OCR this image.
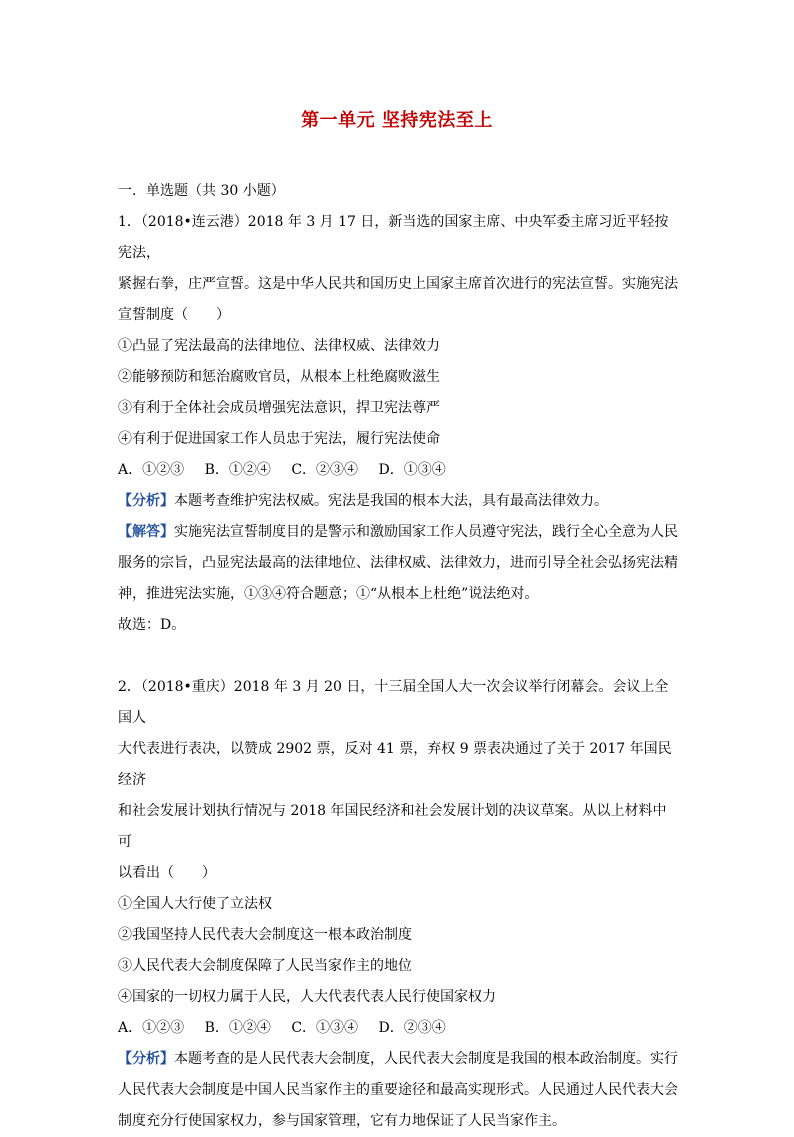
第一单元 坚持宪法至上

一．单选题（共 30 小题）

1．（2018•连云港）2018 年 3 月 17 日，新当选的国家主席、中央军委主席习近平轻按宪法，

紧握右拳，庄严宣誓。这是中华人民共和国历史上国家主席首次进行的宪法宣誓。实施宪法

宣誓制度（　　）

①凸显了宪法最高的法律地位、法律权威、法律效力

②能够预防和惩治腐败官员，从根本上杜绝腐败滋生

③有利于全体社会成员增强宪法意识，捍卫宪法尊严

④有利于促进国家工作人员忠于宪法，履行宪法使命

A．①②③ B．①②④ C．②③④ D．①③④

【分析】本题考查维护宪法权威。宪法是我国的根本大法，具有最高法律效力。

【解答】实施宪法宣誓制度目的是警示和激励国家工作人员遵守宪法，践行全心全意为人民

服务的宗旨，凸显宪法最高的法律地位、法律权威、法律效力，进而引导全社会弘扬宪法精

神，推进宪法实施，①③④符合题意；①“从根本上杜绝”说法绝对。

故选：D。

2．（2018•重庆）2018 年 3 月 20 日，十三届全国人大一次会议举行闭幕会。会议上全国人

大代表进行表决，以赞成 2902 票，反对 41 票，弃权 9 票表决通过了关于 2017 年国民经济

和社会发展计划执行情况与 2018 年国民经济和社会发展计划的决议草案。从以上材料中可

以看出（　　）

①全国人大行使了立法权

②我国坚持人民代表大会制度这一根本政治制度

③人民代表大会制度保障了人民当家作主的地位

④国家的一切权力属于人民，人大代表代表人民行使国家权力

A．①②③ B．①②④ C．①③④ D．②③④

【分析】本题考查的是人民代表大会制度，人民代表大会制度是我国的根本政治制度。实行

人民代表大会制度是中国人民当家作主的重要途径和最高实现形式。人民通过人民代表大会

制度充分行使国家权力，参与国家管理，它有力地保证了人民当家作主。
